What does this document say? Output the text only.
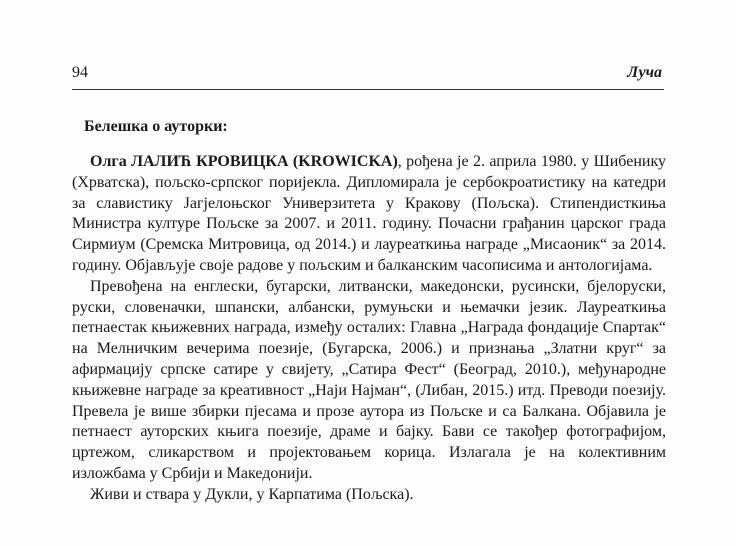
94	Луча
Белешка о ауторки:

Олга ЛАЛИЋ КРОВИЦКА (KROWICKA), рођена је 2. априла 1980. у Шибенику (Хрватска), пољско-српског поријекла. Дипломирала је сербокроатистику на катедри за славистику Јагјелоњског Универзитета у Кракову (Пољска). Стипендисткиња Министра културе Пољске за 2007. и 2011. годину. Почасни грађанин царског града Сирмиум (Сремска Митровица, од 2014.) и лауреаткиња награде „Мисаоник“ за 2014. годину. Објављује своје радове у пољским и балканским часописима и антологијама.

Превођена на енглески, бугарски, литвански, македонски, русински, бјелоруски, руски, словеначки, шпански, албански, румуњски и њемачки језик. Лауреаткиња петнаестак књижевних награда, између осталих: Главна „Награда фондације Спартак“ на Мелничким вечерима поезије, (Бугарска, 2006.) и признања „Златни круг“ за афирмацију српске сатире у свијету, „Сатира Фест“ (Београд, 2010.), међународне књижевне награде за креативност „Наји Најман“, (Либан, 2015.) итд. Преводи поезију. Превела је више збирки пјесама и прозе аутора из Пољске и са Балкана. Објавила је петнаест ауторских књига поезије, драме и бајку. Бави се такођер фотографијом, цртежом, сликарством и пројектовањем корица. Излагала је на колективним изложбама у Србији и Македонији.

Живи и ствара у Дукли, у Карпатима (Пољска).
